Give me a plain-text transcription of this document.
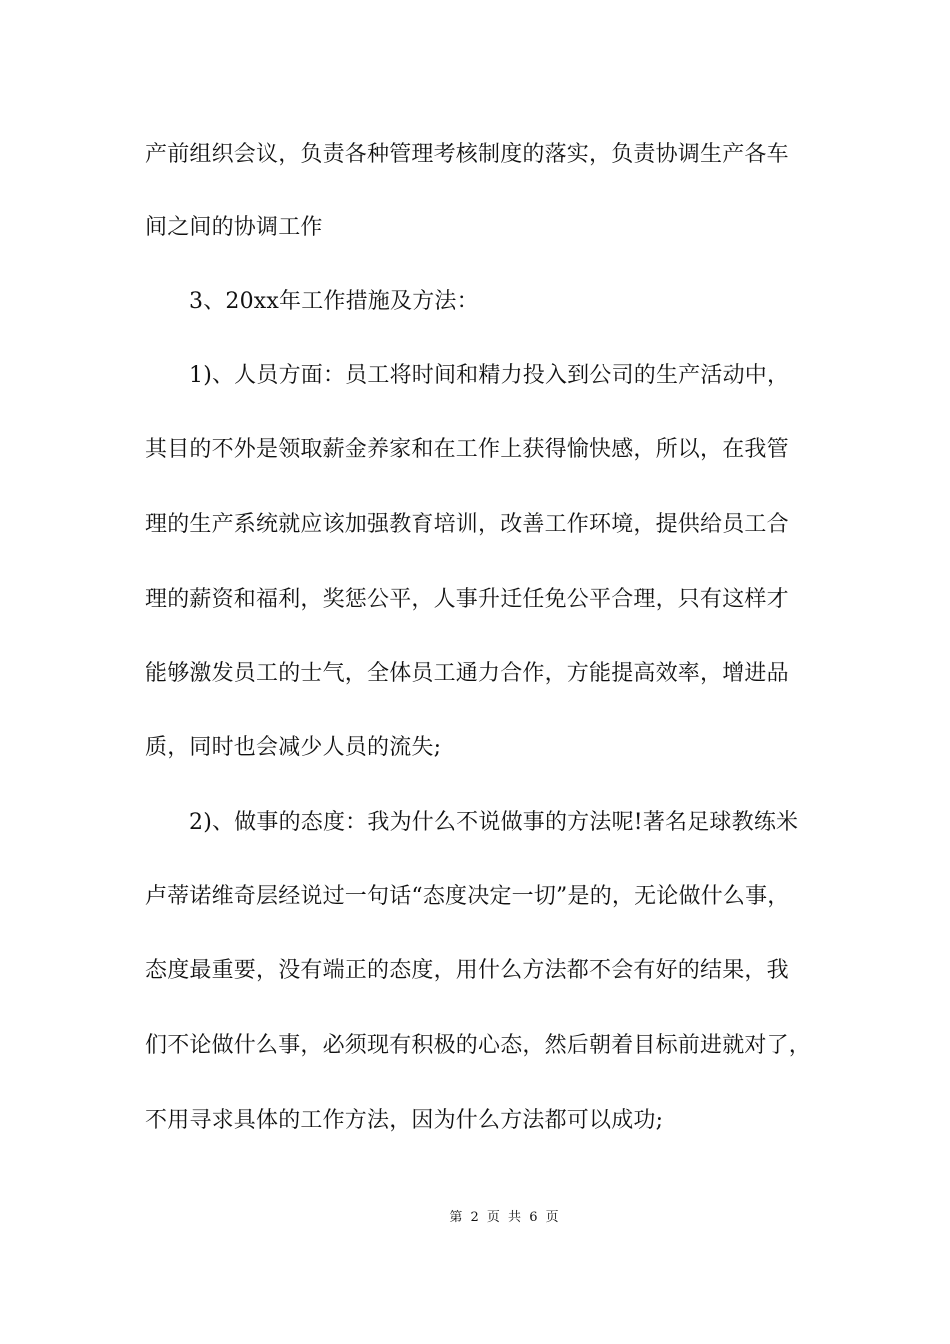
产前组织会议，负责各种管理考核制度的落实，负责协调生产各车
间之间的协调工作
3、20xx年工作措施及方法：
1)、人员方面：员工将时间和精力投入到公司的生产活动中，
其目的不外是领取薪金养家和在工作上获得愉快感，所以，在我管
理的生产系统就应该加强教育培训，改善工作环境，提供给员工合
理的薪资和福利，奖惩公平，人事升迁任免公平合理，只有这样才
能够激发员工的士气，全体员工通力合作，方能提高效率，增进品
质，同时也会减少人员的流失;
2)、做事的态度：我为什么不说做事的方法呢!著名足球教练米
卢蒂诺维奇层经说过一句话“态度决定一切”是的，无论做什么事，
态度最重要，没有端正的态度，用什么方法都不会有好的结果，我
们不论做什么事，必须现有积极的心态，然后朝着目标前进就对了，
不用寻求具体的工作方法，因为什么方法都可以成功;
第 2 页 共 6 页
